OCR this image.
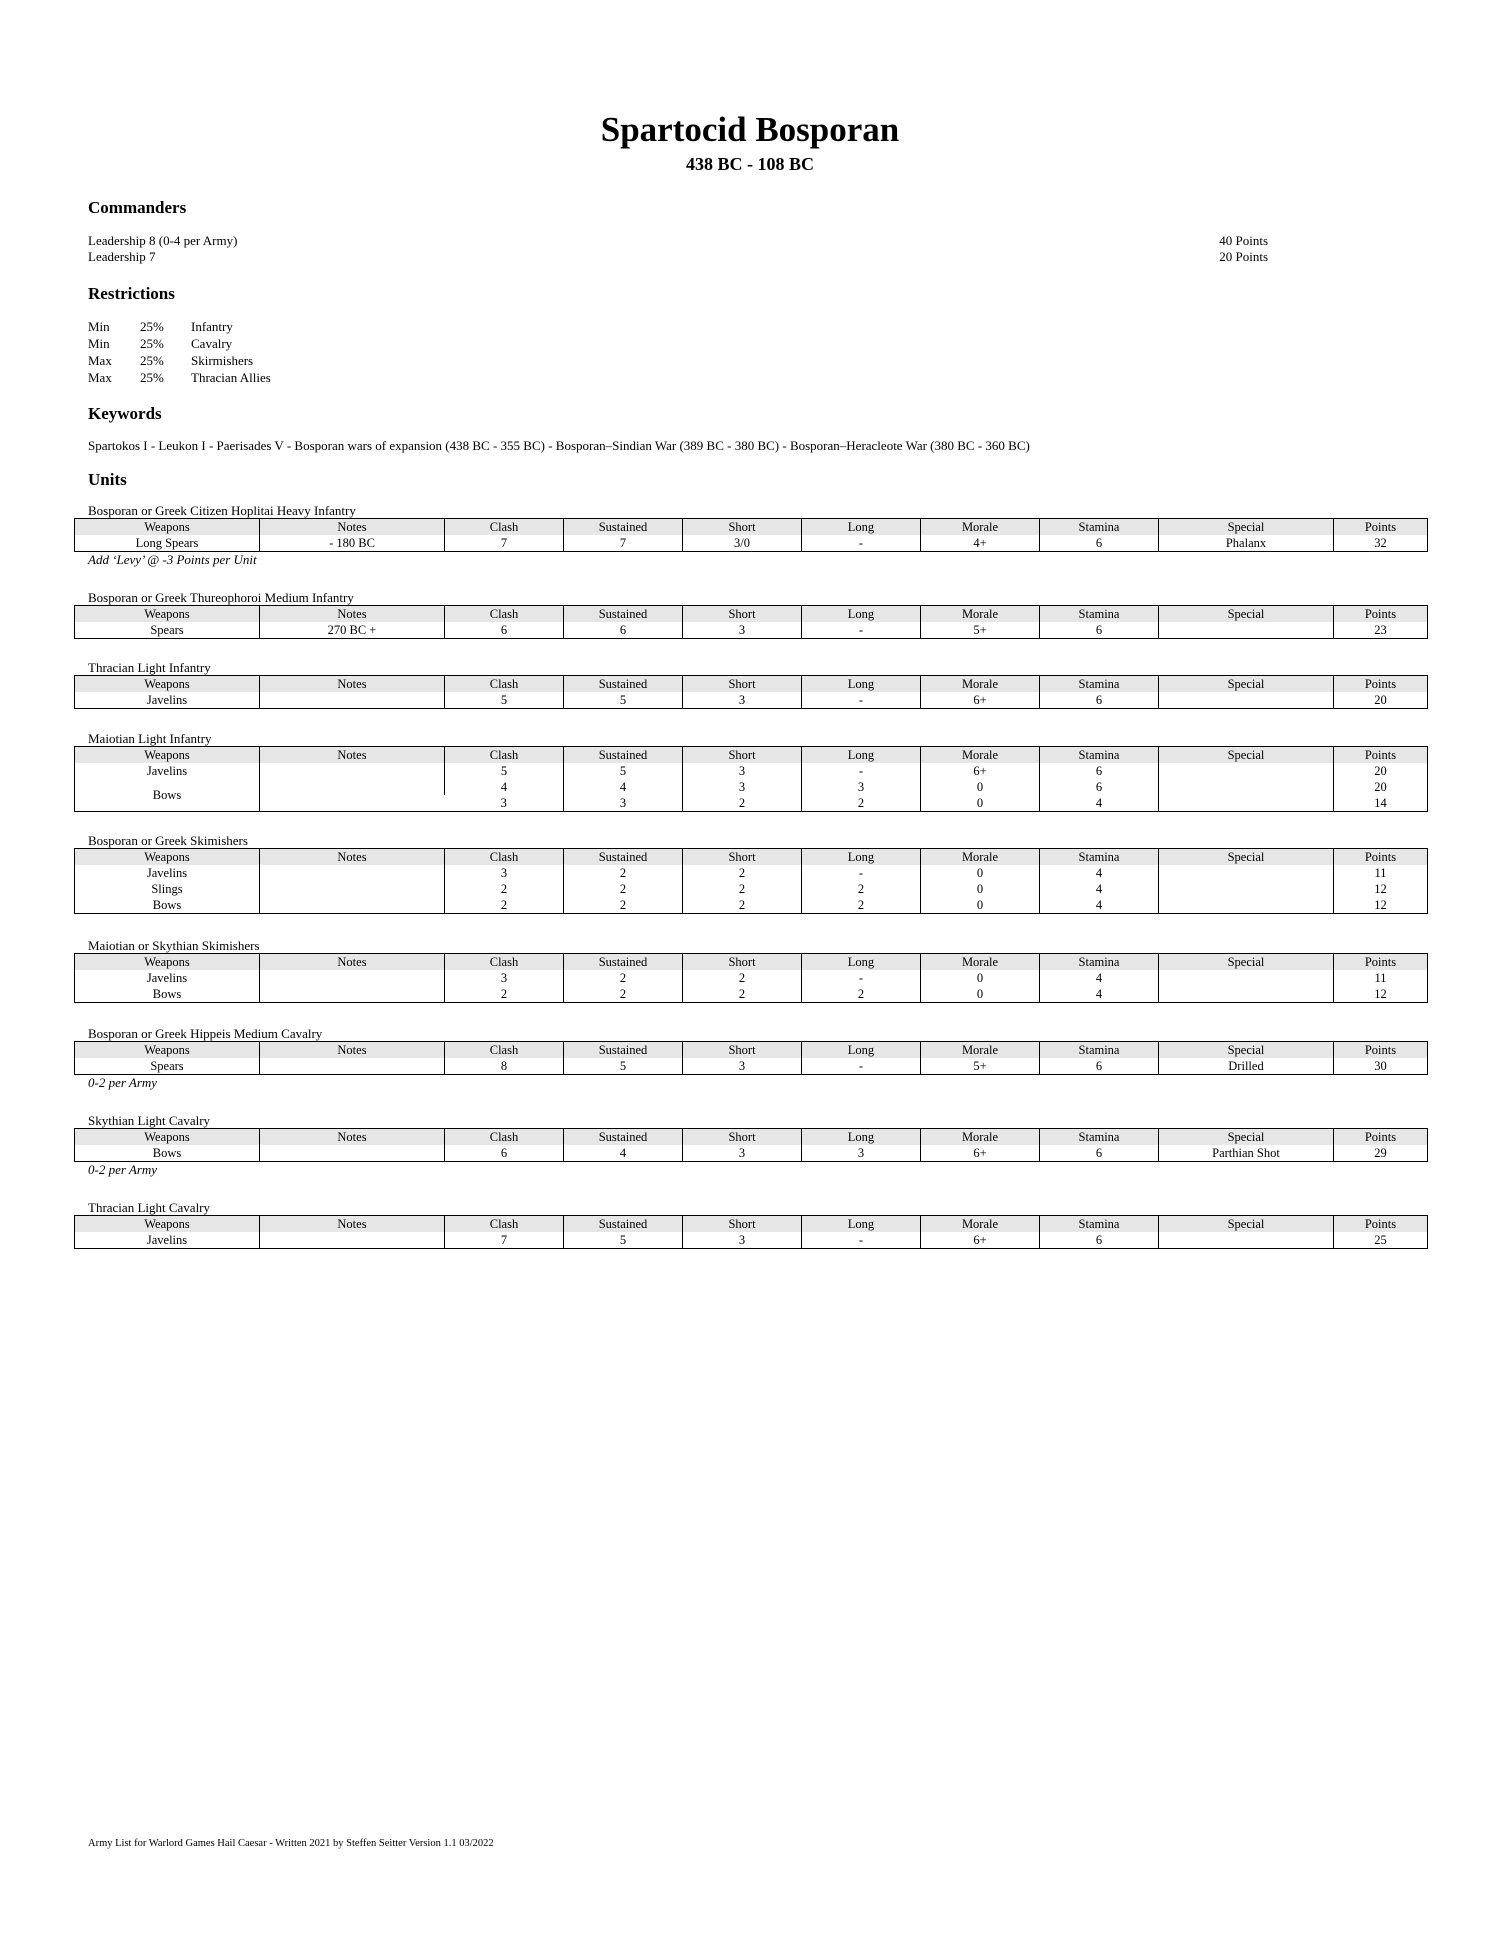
Spartocid Bosporan
438 BC - 108 BC
Commanders
Leadership 8 (0-4 per Army)	40 Points
Leadership 7	20 Points
Restrictions
Min 25% Infantry
Min 25% Cavalry
Max 25% Skirmishers
Max 25% Thracian Allies
Keywords
Spartokos I - Leukon I - Paerisades V - Bosporan wars of expansion (438 BC - 355 BC) - Bosporan–Sindian War (389 BC - 380 BC) - Bosporan–Heracleote War (380 BC - 360 BC)
Units
Bosporan or Greek Citizen Hoplitai Heavy Infantry
Weapons	Notes	Clash	Sustained	Short	Long	Morale	Stamina	Special	Points
Long Spears	- 180 BC	7	7	3/0	-	4+	6	Phalanx	32
Add ‘Levy’ @ -3 Points per Unit
Bosporan or Greek Thureophoroi Medium Infantry
Weapons	Notes	Clash	Sustained	Short	Long	Morale	Stamina	Special	Points
Spears	270 BC +	6	6	3	-	5+	6		23
Thracian Light Infantry
Weapons	Notes	Clash	Sustained	Short	Long	Morale	Stamina	Special	Points
Javelins		5	5	3	-	6+	6		20
Maiotian Light Infantry
Weapons	Notes	Clash	Sustained	Short	Long	Morale	Stamina	Special	Points
Javelins		5	5	3	-	6+	6		20
Bows		4	4	3	3	0	6		20
		3	3	2	2	0	4		14
Bosporan or Greek Skimishers
Weapons	Notes	Clash	Sustained	Short	Long	Morale	Stamina	Special	Points
Javelins		3	2	2	-	0	4		11
Slings		2	2	2	2	0	4		12
Bows		2	2	2	2	0	4		12
Maiotian or Skythian Skimishers
Weapons	Notes	Clash	Sustained	Short	Long	Morale	Stamina	Special	Points
Javelins		3	2	2	-	0	4		11
Bows		2	2	2	2	0	4		12
Bosporan or Greek Hippeis Medium Cavalry
Weapons	Notes	Clash	Sustained	Short	Long	Morale	Stamina	Special	Points
Spears		8	5	3	-	5+	6	Drilled	30
0-2 per Army
Skythian Light Cavalry
Weapons	Notes	Clash	Sustained	Short	Long	Morale	Stamina	Special	Points
Bows		6	4	3	3	6+	6	Parthian Shot	29
0-2 per Army
Thracian Light Cavalry
Weapons	Notes	Clash	Sustained	Short	Long	Morale	Stamina	Special	Points
Javelins		7	5	3	-	6+	6		25
Army List for Warlord Games Hail Caesar - Written 2021 by Steffen Seitter Version 1.1 03/2022
